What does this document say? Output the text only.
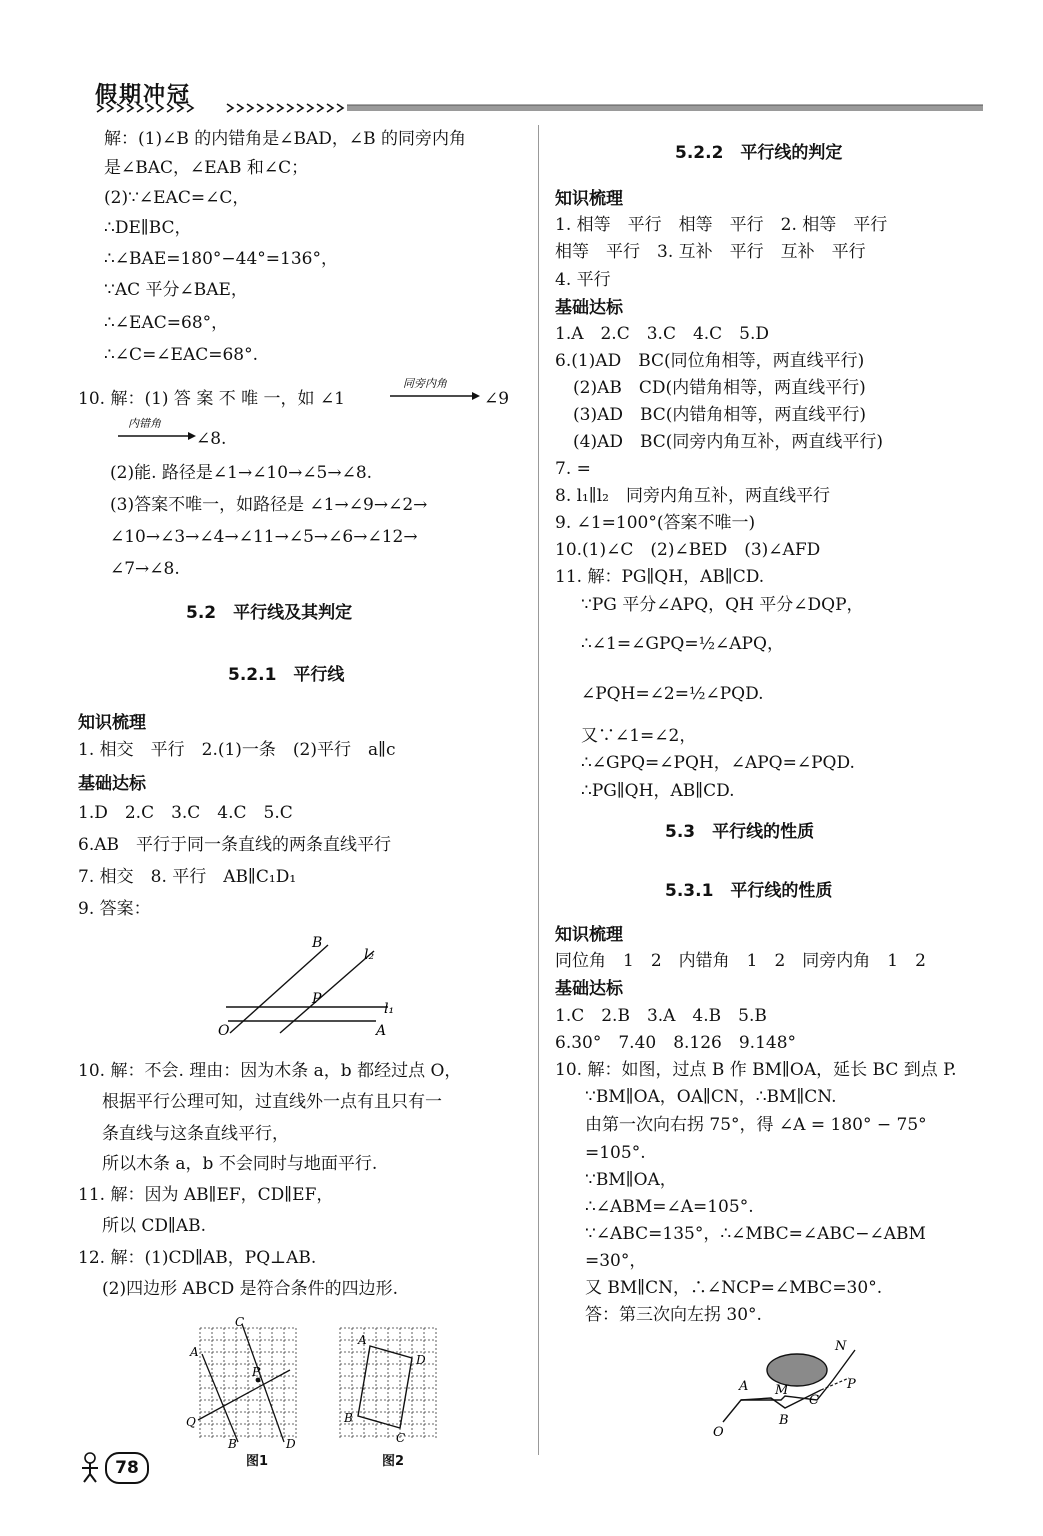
假期冲冠
解：(1)∠B 的内错角是∠BAD，∠B 的同旁内角
是∠BAC，∠EAB 和∠C；
(2)∵∠EAC=∠C，
∴DE∥BC，
∴∠BAE=180°−44°=136°，
∵AC 平分∠BAE，
∴∠EAC=68°，
∴∠C=∠EAC=68°.
10. 解：(1) 答 案 不 唯 一，如 ∠1
同旁内角
∠9
内错角
∠8.
(2)能. 路径是∠1→∠10→∠5→∠8.
(3)答案不唯一，如路径是 ∠1→∠9→∠2→
∠10→∠3→∠4→∠11→∠5→∠6→∠12→
∠7→∠8.
5.2　平行线及其判定
5.2.1　平行线
知识梳理
1. 相交　平行　2.(1)一条　(2)平行　a∥c
基础达标
1.D　2.C　3.C　4.C　5.C
6.AB　平行于同一条直线的两条直线平行
7. 相交　8. 平行　AB∥C₁D₁
9. 答案：
B
l₂
P
l₁
O	A
10. 解：不会. 理由：因为木条 a，b 都经过点 O，
根据平行公理可知，过直线外一点有且只有一
条直线与这条直线平行，
所以木条 a，b 不会同时与地面平行.
11. 解：因为 AB∥EF，CD∥EF，
所以 CD∥AB.
12. 解：(1)CD∥AB，PQ⊥AB.
(2)四边形 ABCD 是符合条件的四边形.
C
A
P
Q
B	D
图1
A
D
B
C
图2
5.2.2　平行线的判定
知识梳理
1. 相等　平行　相等　平行　2. 相等　平行
相等　平行　3. 互补　平行　互补　平行
4. 平行
基础达标
1.A　2.C　3.C　4.C　5.D
6.(1)AD　BC(同位角相等，两直线平行)
(2)AB　CD(内错角相等，两直线平行)
(3)AD　BC(内错角相等，两直线平行)
(4)AD　BC(同旁内角互补，两直线平行)
7. =
8. l₁∥l₂　同旁内角互补，两直线平行
9. ∠1=100°(答案不唯一)
10.(1)∠C　(2)∠BED　(3)∠AFD
11. 解：PG∥QH，AB∥CD.
∵PG 平分∠APQ，QH 平分∠DQP，
∴∠1=∠GPQ=½∠APQ，
∠PQH=∠2=½∠PQD.
又∵∠1=∠2，
∴∠GPQ=∠PQH，∠APQ=∠PQD.
∴PG∥QH，AB∥CD.
5.3　平行线的性质
5.3.1　平行线的性质
知识梳理
同位角　1　2　内错角　1　2　同旁内角　1　2
基础达标
1.C　2.B　3.A　4.B　5.B
6.30°　7.40　8.126　9.148°
10. 解：如图，过点 B 作 BM∥OA，延长 BC 到点 P.
∵BM∥OA，OA∥CN，∴BM∥CN.
由第一次向右拐 75°，得 ∠A = 180° − 75°
=105°.
∵BM∥OA，
∴∠ABM=∠A=105°.
∵∠ABC=135°，∴∠MBC=∠ABC−∠ABM
=30°，
又 BM∥CN，∴∠NCP=∠MBC=30°.
答：第三次向左拐 30°.
N
A M
C
P
B
O
78
